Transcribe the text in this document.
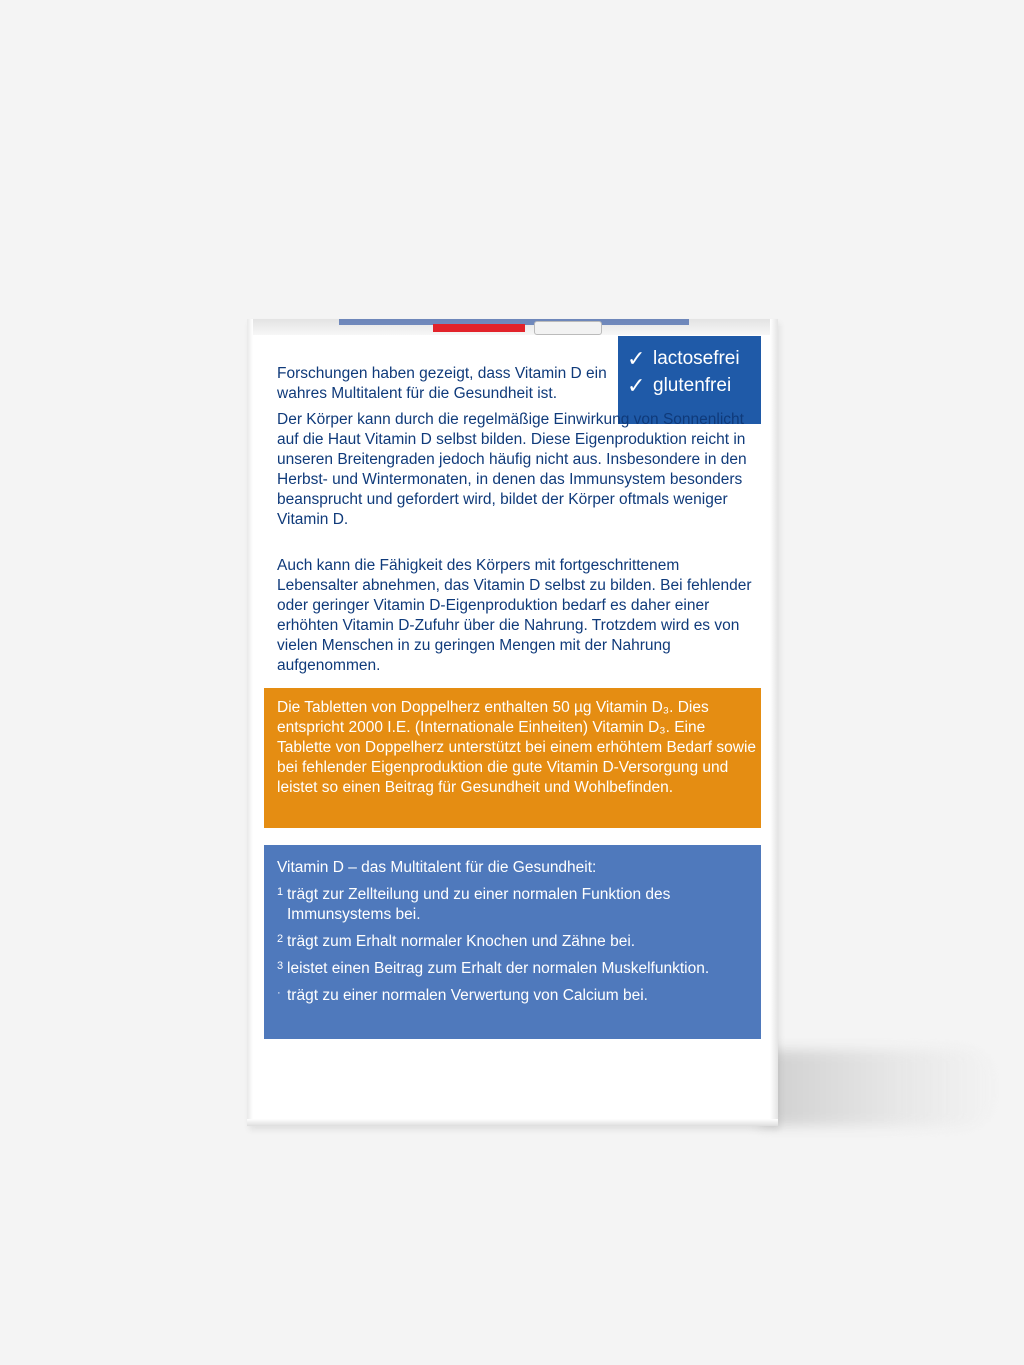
Forschungen haben gezeigt, dass Vitamin D ein wahres Multitalent für die Gesundheit ist.

✓ lactosefrei
✓ glutenfrei

Der Körper kann durch die regelmäßige Einwirkung von Sonnenlicht auf die Haut Vitamin D selbst bilden. Diese Eigenproduktion reicht in unseren Breitengraden jedoch häufig nicht aus. Insbesondere in den Herbst- und Wintermonaten, in denen das Immunsystem besonders beansprucht und gefordert wird, bildet der Körper oftmals weniger Vitamin D.

Auch kann die Fähigkeit des Körpers mit fortgeschrittenem Lebensalter abnehmen, das Vitamin D selbst zu bilden. Bei fehlender oder geringer Vitamin D-Eigenproduktion bedarf es daher einer erhöhten Vitamin D-Zufuhr über die Nahrung. Trotzdem wird es von vielen Menschen in zu geringen Mengen mit der Nahrung aufgenommen.

Die Tabletten von Doppelherz enthalten 50 µg Vitamin D₃. Dies entspricht 2000 I.E. (Internationale Einheiten) Vitamin D₃. Eine Tablette von Doppelherz unterstützt bei einem erhöhtem Bedarf sowie bei fehlender Eigenproduktion die gute Vitamin D-Versorgung und leistet so einen Beitrag für Gesundheit und Wohlbefinden.

Vitamin D – das Multitalent für die Gesundheit:

1 trägt zur Zellteilung und zu einer normalen Funktion des Immunsystems bei.
2 trägt zum Erhalt normaler Knochen und Zähne bei.
3 leistet einen Beitrag zum Erhalt der normalen Muskelfunktion.
· trägt zu einer normalen Verwertung von Calcium bei.
